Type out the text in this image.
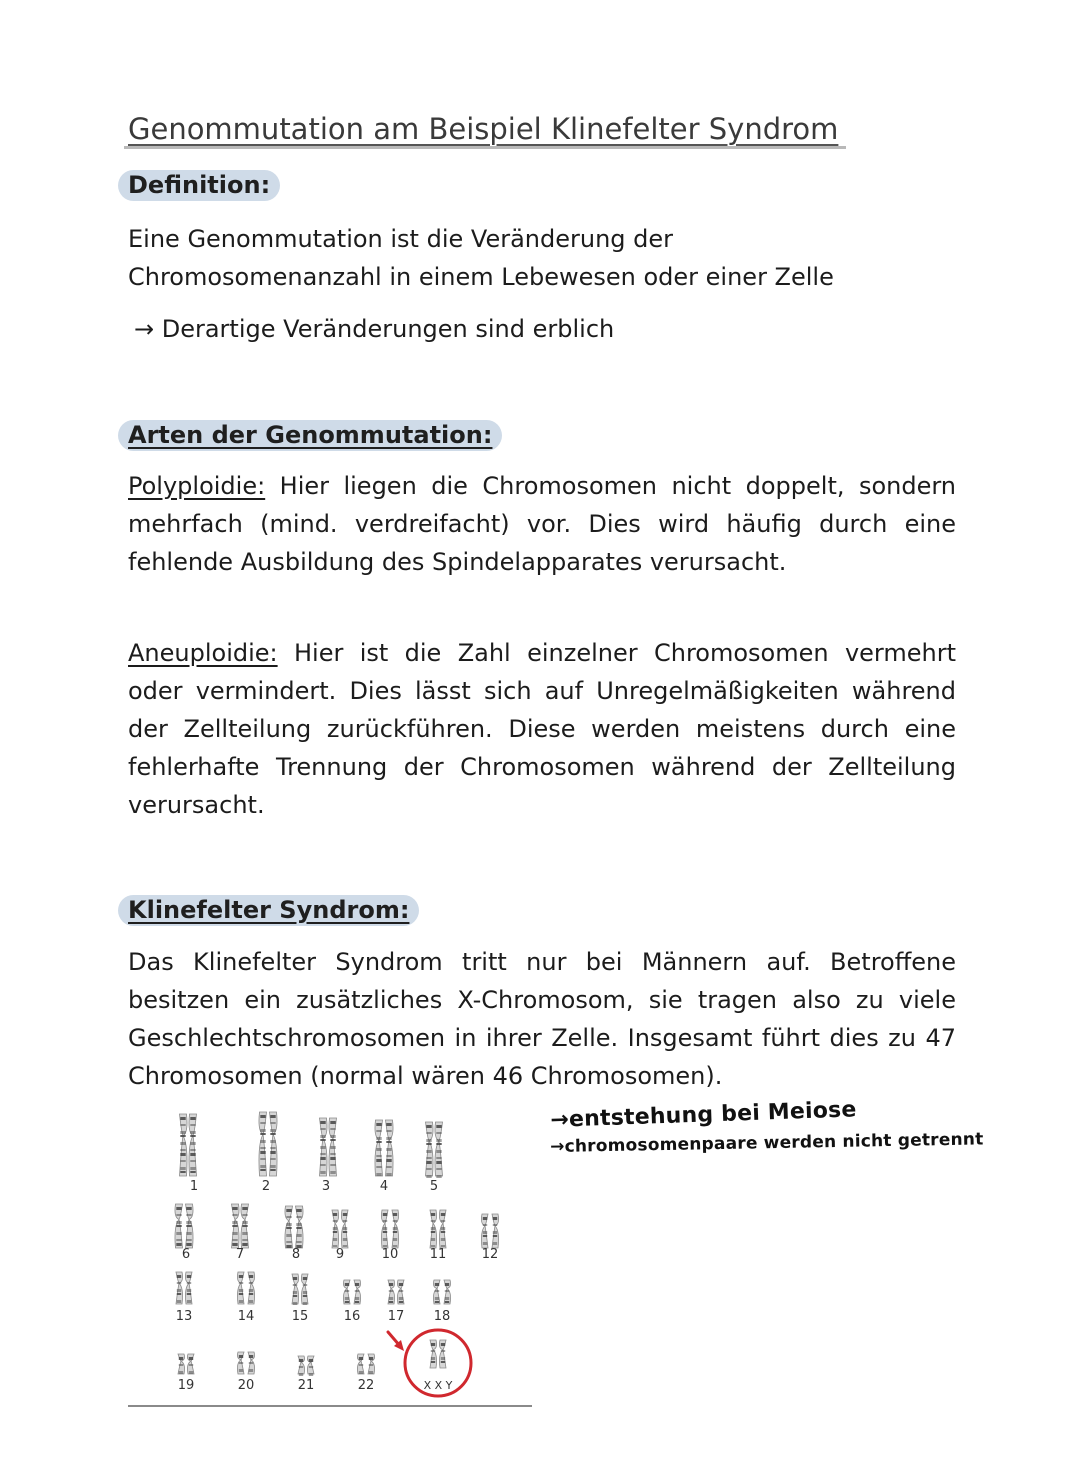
Genommutation am Beispiel Klinefelter Syndrom
Definition:
Eine Genommutation ist die Veränderung der Chromosomenanzahl in einem Lebewesen oder einer Zelle
→ Derartige Veränderungen sind erblich
Arten der Genommutation:
Polyploidie: Hier liegen die Chromosomen nicht doppelt, sondern mehrfach (mind. verdreifacht) vor. Dies wird häufig durch eine fehlende Ausbildung des Spindelapparates verursacht.
Aneuploidie: Hier ist die Zahl einzelner Chromosomen vermehrt oder vermindert. Dies lässt sich auf Unregelmäßigkeiten während der Zellteilung zurückführen. Diese werden meistens durch eine fehlerhafte Trennung der Chromosomen während der Zellteilung verursacht.
Klinefelter Syndrom:
Das Klinefelter Syndrom tritt nur bei Männern auf. Betroffene besitzen ein zusätzliches X-Chromosom, sie tragen also zu viele Geschlechtschromosomen in ihrer Zelle. Insgesamt führt dies zu 47 Chromosomen (normal wären 46 Chromosomen).
1	2	3	4	5
6	7	8	9	10 11	12
13	14	15	16 17 18
19	20	21	22	X X Y
→entstehung bei Meiose
→chromosomenpaare werden nicht getrennt
